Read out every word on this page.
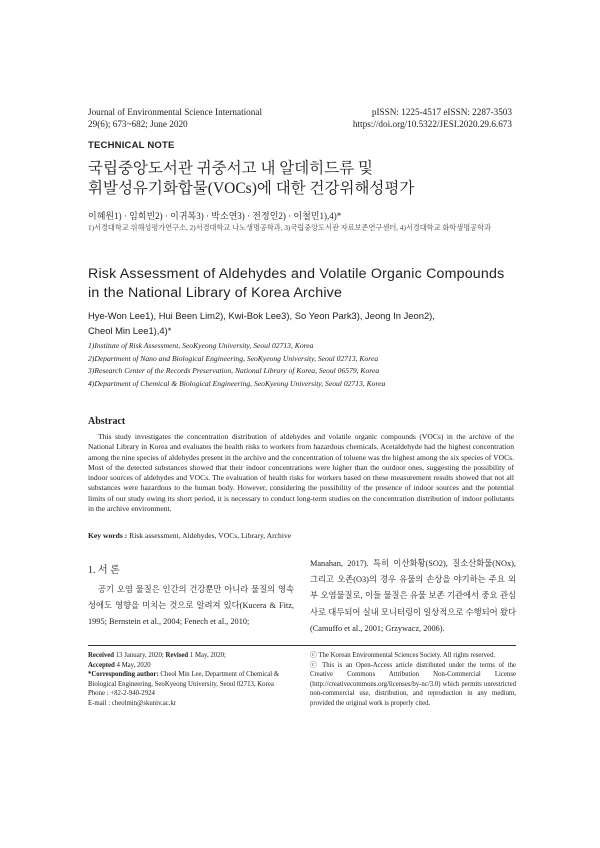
Journal of Environmental Science International
29(6); 673~682; June 2020
pISSN: 1225-4517 eISSN: 2287-3503
https://doi.org/10.5322/JESI.2020.29.6.673
TECHNICAL NOTE
국립중앙도서관 귀중서고 내 알데히드류 및
휘발성유기화합물(VOCs)에 대한 건강위해성평가
이혜원1) · 임희빈2) · 이귀복3) · 박소연3) · 전정인2) · 이철민1),4)*
1)서경대학교 위해성평가연구소, 2)서경대학교 나노생명공학과, 3)국립중앙도서관 자료보존연구센터, 4)서경대학교 화학생명공학과
Risk Assessment of Aldehydes and Volatile Organic Compounds
in the National Library of Korea Archive
Hye-Won Lee1), Hui Been Lim2), Kwi-Bok Lee3), So Yeon Park3), Jeong In Jeon2),
Cheol Min Lee1),4)*
1)Institute of Risk Assessment, SeoKyeong University, Seoul 02713, Korea
2)Department of Nano and Biological Engineering, SeoKyeong University, Seoul 02713, Korea
3)Research Center of the Records Preservation, National Library of Korea, Seoul 06579, Korea
4)Department of Chemical & Biological Engineering, SeoKyeong University, Seoul 02713, Korea
Abstract
This study investigates the concentration distribution of aldehydes and volatile organic compounds (VOCs) in the archive of the National Library in Korea and evaluates the health risks to workers from hazardous chemicals. Acetaldehyde had the highest concentration among the nine species of aldehydes present in the archive and the concentration of toluene was the highest among the six species of VOCs. Most of the detected substances showed that their indoor concentrations were higher than the outdoor ones, suggesting the possibility of indoor sources of aldehydes and VOCs. The evaluation of health risks for workers based on these measurement results showed that not all substances were hazardous to the human body. However, considering the possibility of the presence of indoor sources and the potential limits of our study owing its short period, it is necessary to conduct long-term studies on the concentration distribution of indoor pollutants in the archive environment.
Key words : Risk assessment, Aldehydes, VOCs, Library, Archive
1. 서 론
공기 오염 물질은 인간의 건강뿐만 아니라 물질의 영속성에도 영향을 미치는 것으로 알려져 있다(Kucera & Fitz, 1995; Bernstein et al., 2004; Fenech et al., 2010;
Manahan, 2017). 특히 이산화황(SO2), 질소산화물(NOx), 그리고 오존(O3)의 경우 유물의 손상을 야기하는 주요 외부 오염물질로, 이들 물질은 유물 보존 기관에서 중요 관심사로 대두되어 실내 모니터링이 일상적으로 수행되어 왔다(Camuffo et al., 2001; Grzywacz, 2006).
Received 13 January, 2020; Revised 1 May, 2020;
Accepted 4 May, 2020
*Corresponding author: Cheol Min Lee, Department of Chemical & Biological Engineering, SeoKyeong University, Seoul 02713, Korea
Phone : +82-2-940-2924
E-mail : cheolmin@skuniv.ac.kr
ⓒ The Korean Environmental Sciences Society. All rights reserved.
ⓒ This is an Open-Access article distributed under the terms of the Creative Commons Attribution Non-Commercial License (http://creativecommons.org/licenses/by-nc/3.0) which permits unrestricted non-commercial use, distribution, and reproduction in any medium, provided the original work is properly cited.
